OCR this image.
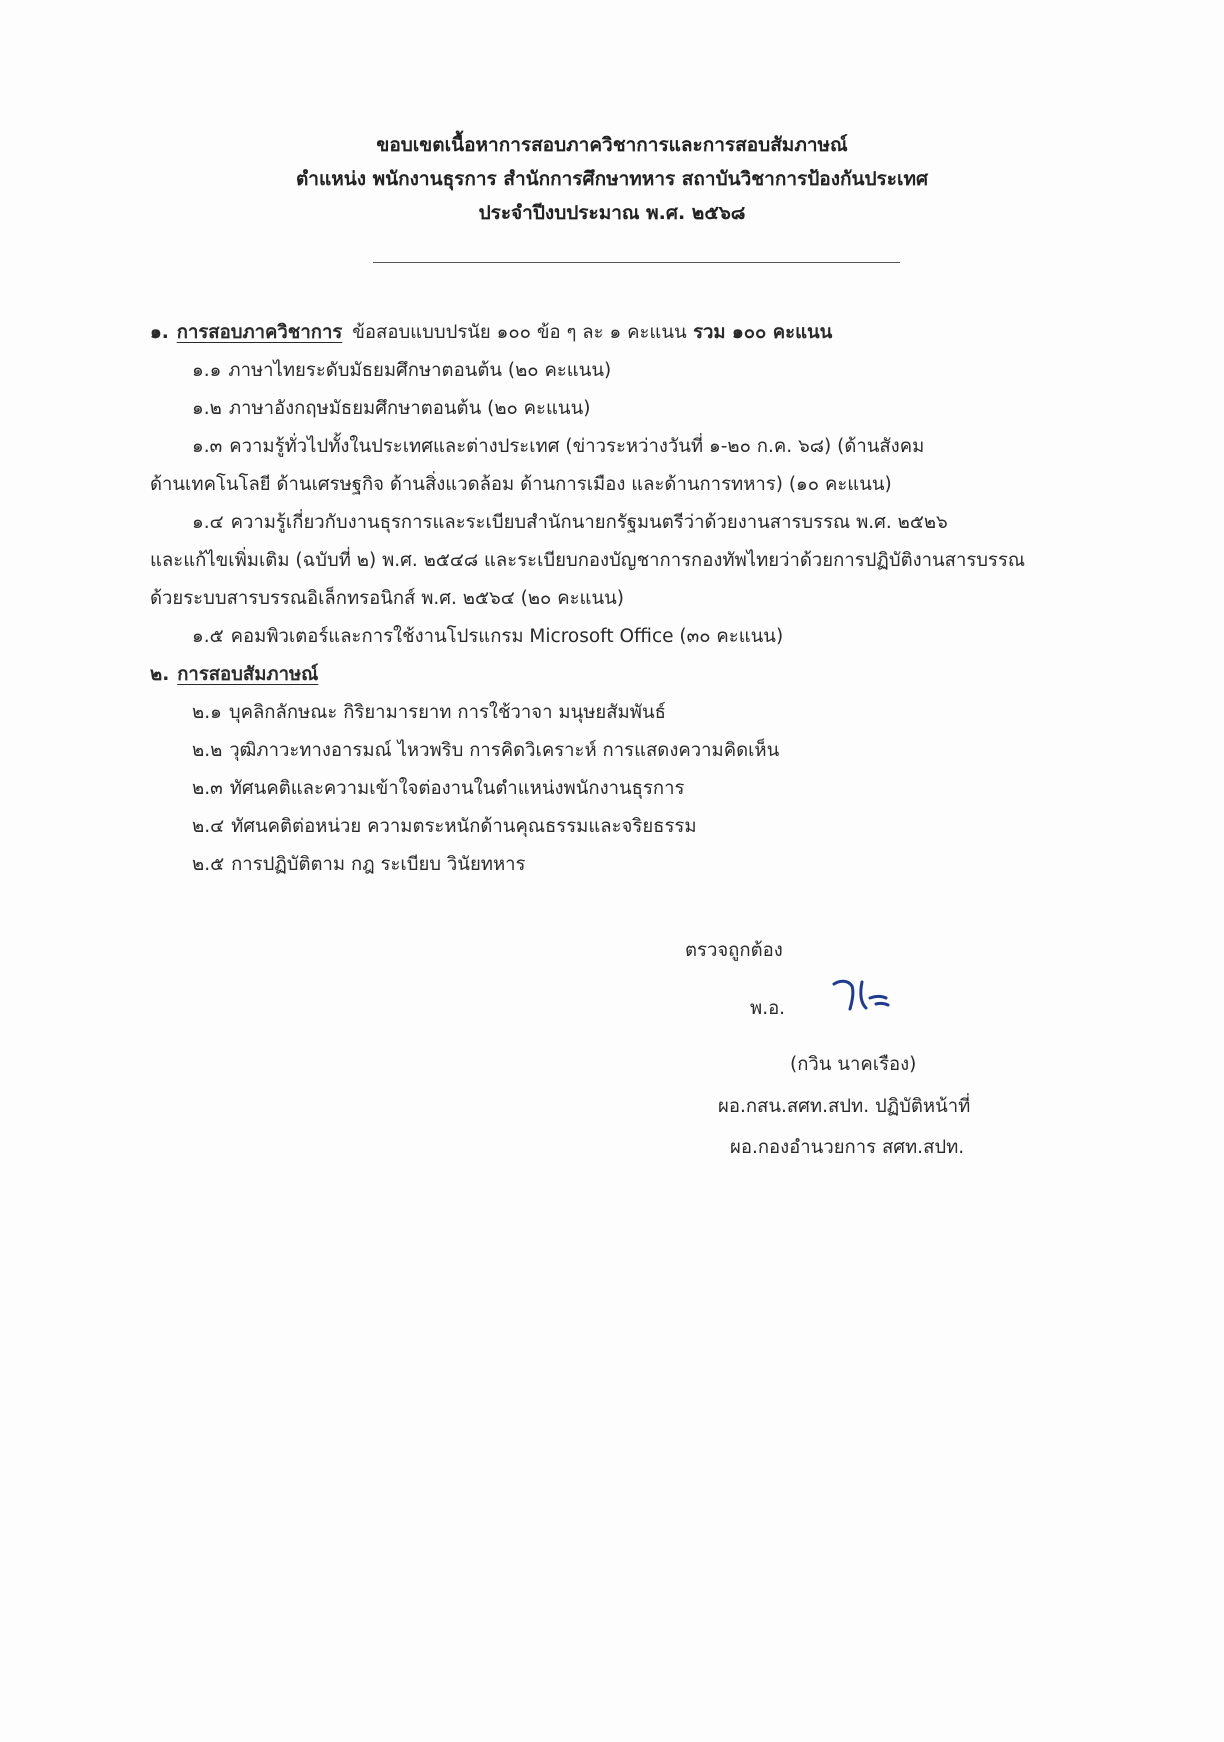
ขอบเขตเนื้อหาการสอบภาควิชาการและการสอบสัมภาษณ์
ตำแหน่ง พนักงานธุรการ สำนักการศึกษาทหาร สถาบันวิชาการป้องกันประเทศ
ประจำปีงบประมาณ พ.ศ. ๒๕๖๘
๑. การสอบภาควิชาการ ข้อสอบแบบปรนัย ๑๐๐ ข้อ ๆ ละ ๑ คะแนน รวม ๑๐๐ คะแนน
๑.๑ ภาษาไทยระดับมัธยมศึกษาตอนต้น (๒๐ คะแนน)
๑.๒ ภาษาอังกฤษมัธยมศึกษาตอนต้น (๒๐ คะแนน)
๑.๓ ความรู้ทั่วไปทั้งในประเทศและต่างประเทศ (ข่าวระหว่างวันที่ ๑-๒๐ ก.ค. ๖๘) (ด้านสังคม
ด้านเทคโนโลยี ด้านเศรษฐกิจ ด้านสิ่งแวดล้อม ด้านการเมือง และด้านการทหาร) (๑๐ คะแนน)
๑.๔ ความรู้เกี่ยวกับงานธุรการและระเบียบสำนักนายกรัฐมนตรีว่าด้วยงานสารบรรณ พ.ศ. ๒๕๒๖
และแก้ไขเพิ่มเติม (ฉบับที่ ๒) พ.ศ. ๒๕๔๘ และระเบียบกองบัญชาการกองทัพไทยว่าด้วยการปฏิบัติงานสารบรรณ
ด้วยระบบสารบรรณอิเล็กทรอนิกส์ พ.ศ. ๒๕๖๔ (๒๐ คะแนน)
๑.๕ คอมพิวเตอร์และการใช้งานโปรแกรม Microsoft Office (๓๐ คะแนน)
๒. การสอบสัมภาษณ์
๒.๑ บุคลิกลักษณะ กิริยามารยาท การใช้วาจา มนุษยสัมพันธ์
๒.๒ วุฒิภาวะทางอารมณ์ ไหวพริบ การคิดวิเคราะห์ การแสดงความคิดเห็น
๒.๓ ทัศนคติและความเข้าใจต่องานในตำแหน่งพนักงานธุรการ
๒.๔ ทัศนคติต่อหน่วย ความตระหนักด้านคุณธรรมและจริยธรรม
๒.๕ การปฏิบัติตาม กฎ ระเบียบ วินัยทหาร
ตรวจถูกต้อง
พ.อ.
(กวิน นาคเรือง)
ผอ.กสน.สศท.สปท. ปฏิบัติหน้าที่
ผอ.กองอำนวยการ สศท.สปท.
